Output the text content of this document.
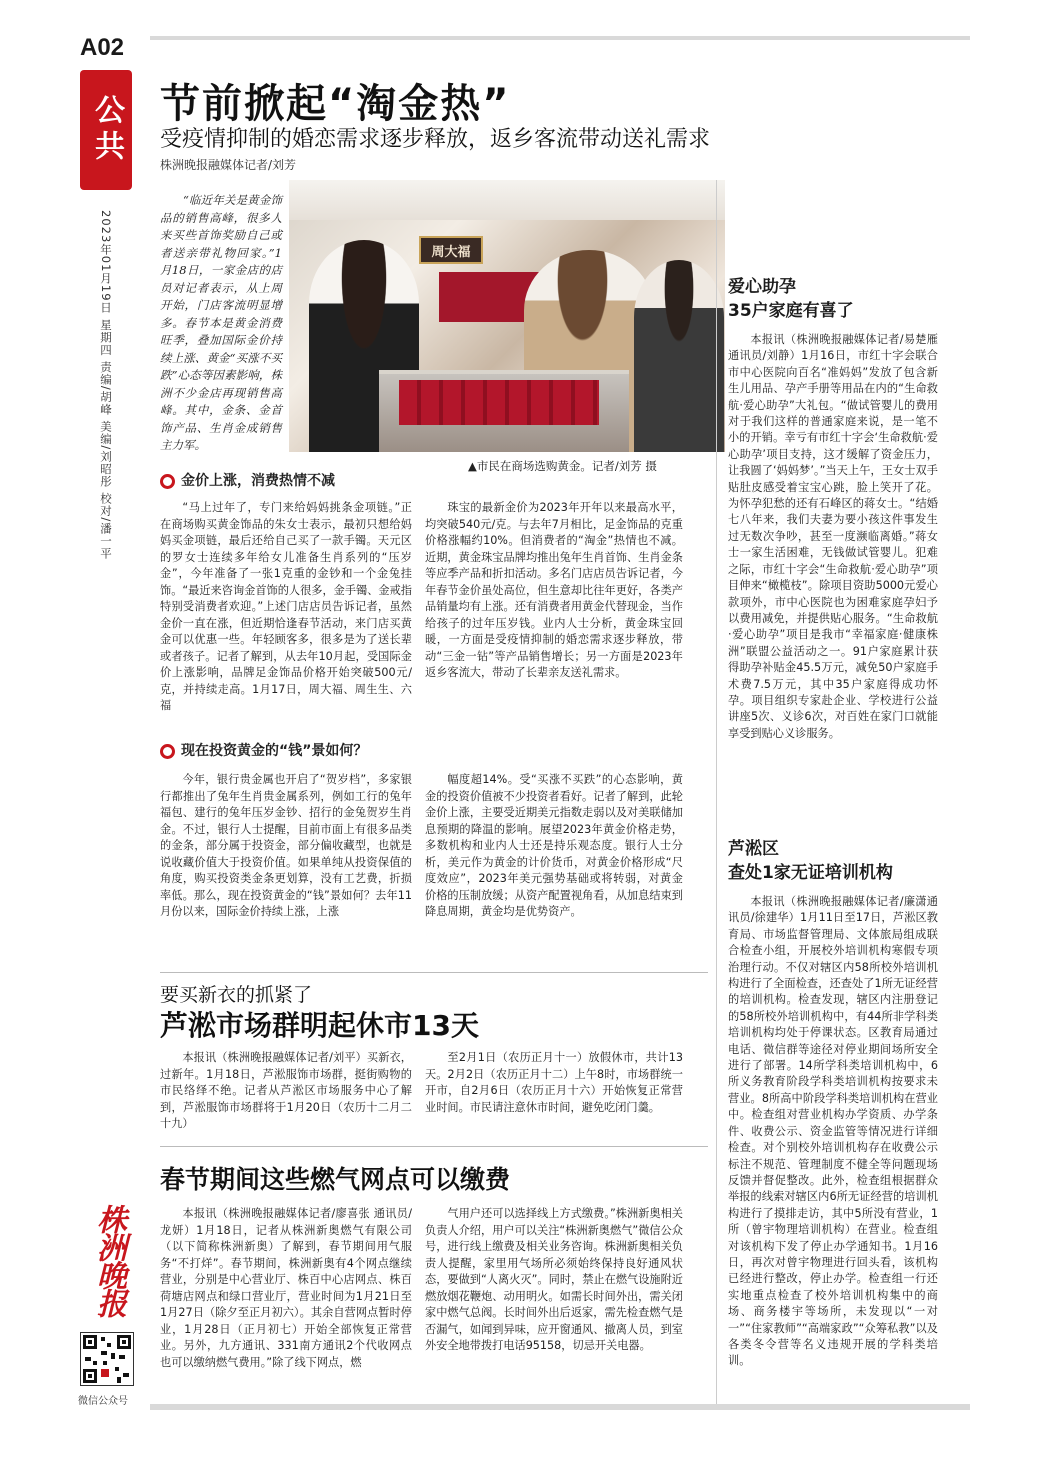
A02
公共
2023年01月19日 星期四 责编/胡峰 美编/刘昭彤 校对/潘一平
节前掀起“淘金热”
受疫情抑制的婚恋需求逐步释放，返乡客流带动送礼需求
株洲晚报融媒体记者/刘芳
“临近年关是黄金饰品的销售高峰，很多人来买些首饰奖励自己或者送亲带礼物回家。”1月18日，一家金店的店员对记者表示，从上周开始，门店客流明显增多。春节本是黄金消费旺季，叠加国际金价持续上涨、黄金“买涨不买跌”心态等因素影响，株洲不少金店再现销售高峰。其中，金条、金首饰产品、生肖金成销售主力军。
周大福
▲市民在商场选购黄金。记者/刘芳 摄
金价上涨，消费热情不减
“马上过年了，专门来给妈妈挑条金项链。”正在商场购买黄金饰品的朱女士表示，最初只想给妈妈买金项链，最后还给自己买了一款手镯。天元区的罗女士连续多年给女儿准备生肖系列的“压岁金”，今年准备了一张1克重的金钞和一个金兔挂饰。“最近来咨询金首饰的人很多，金手镯、金戒指特别受消费者欢迎。”上述门店店员告诉记者，虽然金价一直在涨，但近期恰逢春节活动，来门店买黄金可以优惠一些。年轻顾客多，很多是为了送长辈或者孩子。记者了解到，从去年10月起，受国际金价上涨影响，品牌足金饰品价格开始突破500元/克，并持续走高。1月17日，周大福、周生生、六福
珠宝的最新金价为2023年开年以来最高水平，均突破540元/克。与去年7月相比，足金饰品的克重价格涨幅约10%。但消费者的“淘金”热情也不减。近期，黄金珠宝品牌均推出兔年生肖首饰、生肖金条等应季产品和折扣活动。多名门店店员告诉记者，今年春节金价虽处高位，但生意却比往年更好，各类产品销量均有上涨。还有消费者用黄金代替现金，当作给孩子的过年压岁钱。业内人士分析，黄金珠宝回暖，一方面是受疫情抑制的婚恋需求逐步释放，带动“三金一钻”等产品销售增长；另一方面是2023年返乡客流大，带动了长辈亲友送礼需求。
现在投资黄金的“钱”景如何？
今年，银行贵金属也开启了“贺岁档”，多家银行都推出了兔年生肖贵金属系列，例如工行的兔年福包、建行的兔年压岁金钞、招行的金兔贺岁生肖金。不过，银行人士提醒，目前市面上有很多品类的金条，部分属于投资金，部分偏收藏型，也就是说收藏价值大于投资价值。如果单纯从投资保值的角度，购买投资类金条更划算，没有工艺费，折损率低。那么，现在投资黄金的“钱”景如何？去年11月份以来，国际金价持续上涨，上涨
幅度超14%。受“买涨不买跌”的心态影响，黄金的投资价值被不少投资者看好。记者了解到，此轮金价上涨，主要受近期美元指数走弱以及对美联储加息预期的降温的影响。展望2023年黄金价格走势，多数机构和业内人士还是持乐观态度。银行人士分析，美元作为黄金的计价货币，对黄金价格形成“尺度效应”，2023年美元强势基础或将转弱，对黄金价格的压制放缓；从资产配置视角看，从加息结束到降息周期，黄金均是优势资产。
要买新衣的抓紧了
芦淞市场群明起休市13天
本报讯（株洲晚报融媒体记者/刘平）买新衣，过新年。1月18日，芦淞服饰市场群，挺街购物的市民络绎不绝。记者从芦淞区市场服务中心了解到，芦淞服饰市场群将于1月20日（农历十二月二十九）
至2月1日（农历正月十一）放假休市，共计13天。2月2日（农历正月十二）上午8时，市场群统一开市，自2月6日（农历正月十六）开始恢复正常营业时间。市民请注意休市时间，避免吃闭门羹。
春节期间这些燃气网点可以缴费
本报讯（株洲晚报融媒体记者/廖喜张 通讯员/龙妍）1月18日，记者从株洲新奥燃气有限公司（以下简称株洲新奥）了解到，春节期间用气服务“不打烊”。春节期间，株洲新奥有4个网点继续营业，分别是中心营业厅、株百中心店网点、株百荷塘店网点和绿口营业厅，营业时间为1月21日至1月27日（除夕至正月初六）。其余自营网点暂时停业，1月28日（正月初七）开始全部恢复正常营业。另外，九方通讯、331南方通讯2个代收网点也可以缴纳燃气费用。”除了线下网点，燃
气用户还可以选择线上方式缴费。”株洲新奥相关负责人介绍，用户可以关注“株洲新奥燃气”微信公众号，进行线上缴费及相关业务咨询。株洲新奥相关负责人提醒，家里用气场所必须始终保持良好通风状态，要做到“人离火灭”。同时，禁止在燃气设施附近燃放烟花鞭炮、动用明火。如需长时间外出，需关闭家中燃气总阀。长时间外出后返家，需先检查燃气是否漏气，如闻到异味，应开窗通风、撤离人员，到室外安全地带拨打电话95158，切忌开关电器。
爱心助孕
35户家庭有喜了
本报讯（株洲晚报融媒体记者/易楚雁 通讯员/刘静）1月16日，市红十字会联合市中心医院向百名“准妈妈”发放了包含新生儿用品、孕产手册等用品在内的“生命救航·爱心助孕”大礼包。“做试管婴儿的费用对于我们这样的普通家庭来说，是一笔不小的开销。幸亏有市红十字会‘生命救航·爱心助孕’项目支持，这才缓解了资金压力，让我圆了‘妈妈梦’。”当天上午，王女士双手贴肚皮感受着宝宝心跳，脸上笑开了花。为怀孕犯愁的还有石峰区的蒋女士。“结婚七八年来，我们夫妻为要小孩这件事发生过无数次争吵，甚至一度濒临离婚。”蒋女士一家生活困难，无钱做试管婴儿。犯难之际，市红十字会“生命救航·爱心助孕”项目伸来“橄榄枝”。除项目资助5000元爱心款项外，市中心医院也为困难家庭孕妇予以费用减免，并提供贴心服务。“生命救航·爱心助孕”项目是我市“幸福家庭·健康株洲”联盟公益活动之一。91户家庭累计获得助孕补贴金45.5万元，减免50户家庭手术费7.5万元，其中35户家庭得成功怀孕。项目组织专家赴企业、学校进行公益讲座5次、义诊6次，对百姓在家门口就能享受到贴心义诊服务。
芦淞区
查处1家无证培训机构
本报讯（株洲晚报融媒体记者/廉潇通讯员/徐建华）1月11日至17日，芦淞区教育局、市场监督管理局、文体旅局组成联合检查小组，开展校外培训机构寒假专项治理行动。不仅对辖区内58所校外培训机构进行了全面检查，还查处了1所无证经营的培训机构。检查发现，辖区内注册登记的58所校外培训机构中，有44所非学科类培训机构均处于停课状态。区教育局通过电话、微信群等途径对停业期间场所安全进行了部署。14所学科类培训机构中，6所义务教育阶段学科类培训机构按要求未营业。8所高中阶段学科类培训机构在营业中。检查组对营业机构办学资质、办学条件、收费公示、资金监管等情况进行详细检查。对个别校外培训机构存在收费公示标注不规范、管理制度不健全等问题现场反馈并督促整改。此外，检查组根据群众举报的线索对辖区内6所无证经营的培训机构进行了摸排走访，其中5所没有营业，1所（曾宇物理培训机构）在营业。检查组对该机构下发了停止办学通知书。1月16日，再次对曾宇物理进行回头看，该机构已经进行整改，停止办学。检查组一行还实地重点检查了校外培训机构集中的商场、商务楼宇等场所，未发现以“一对一”“住家教师”“高端家政”“众筹私教”以及各类冬令营等名义违规开展的学科类培训。
株洲晚报
微信公众号
